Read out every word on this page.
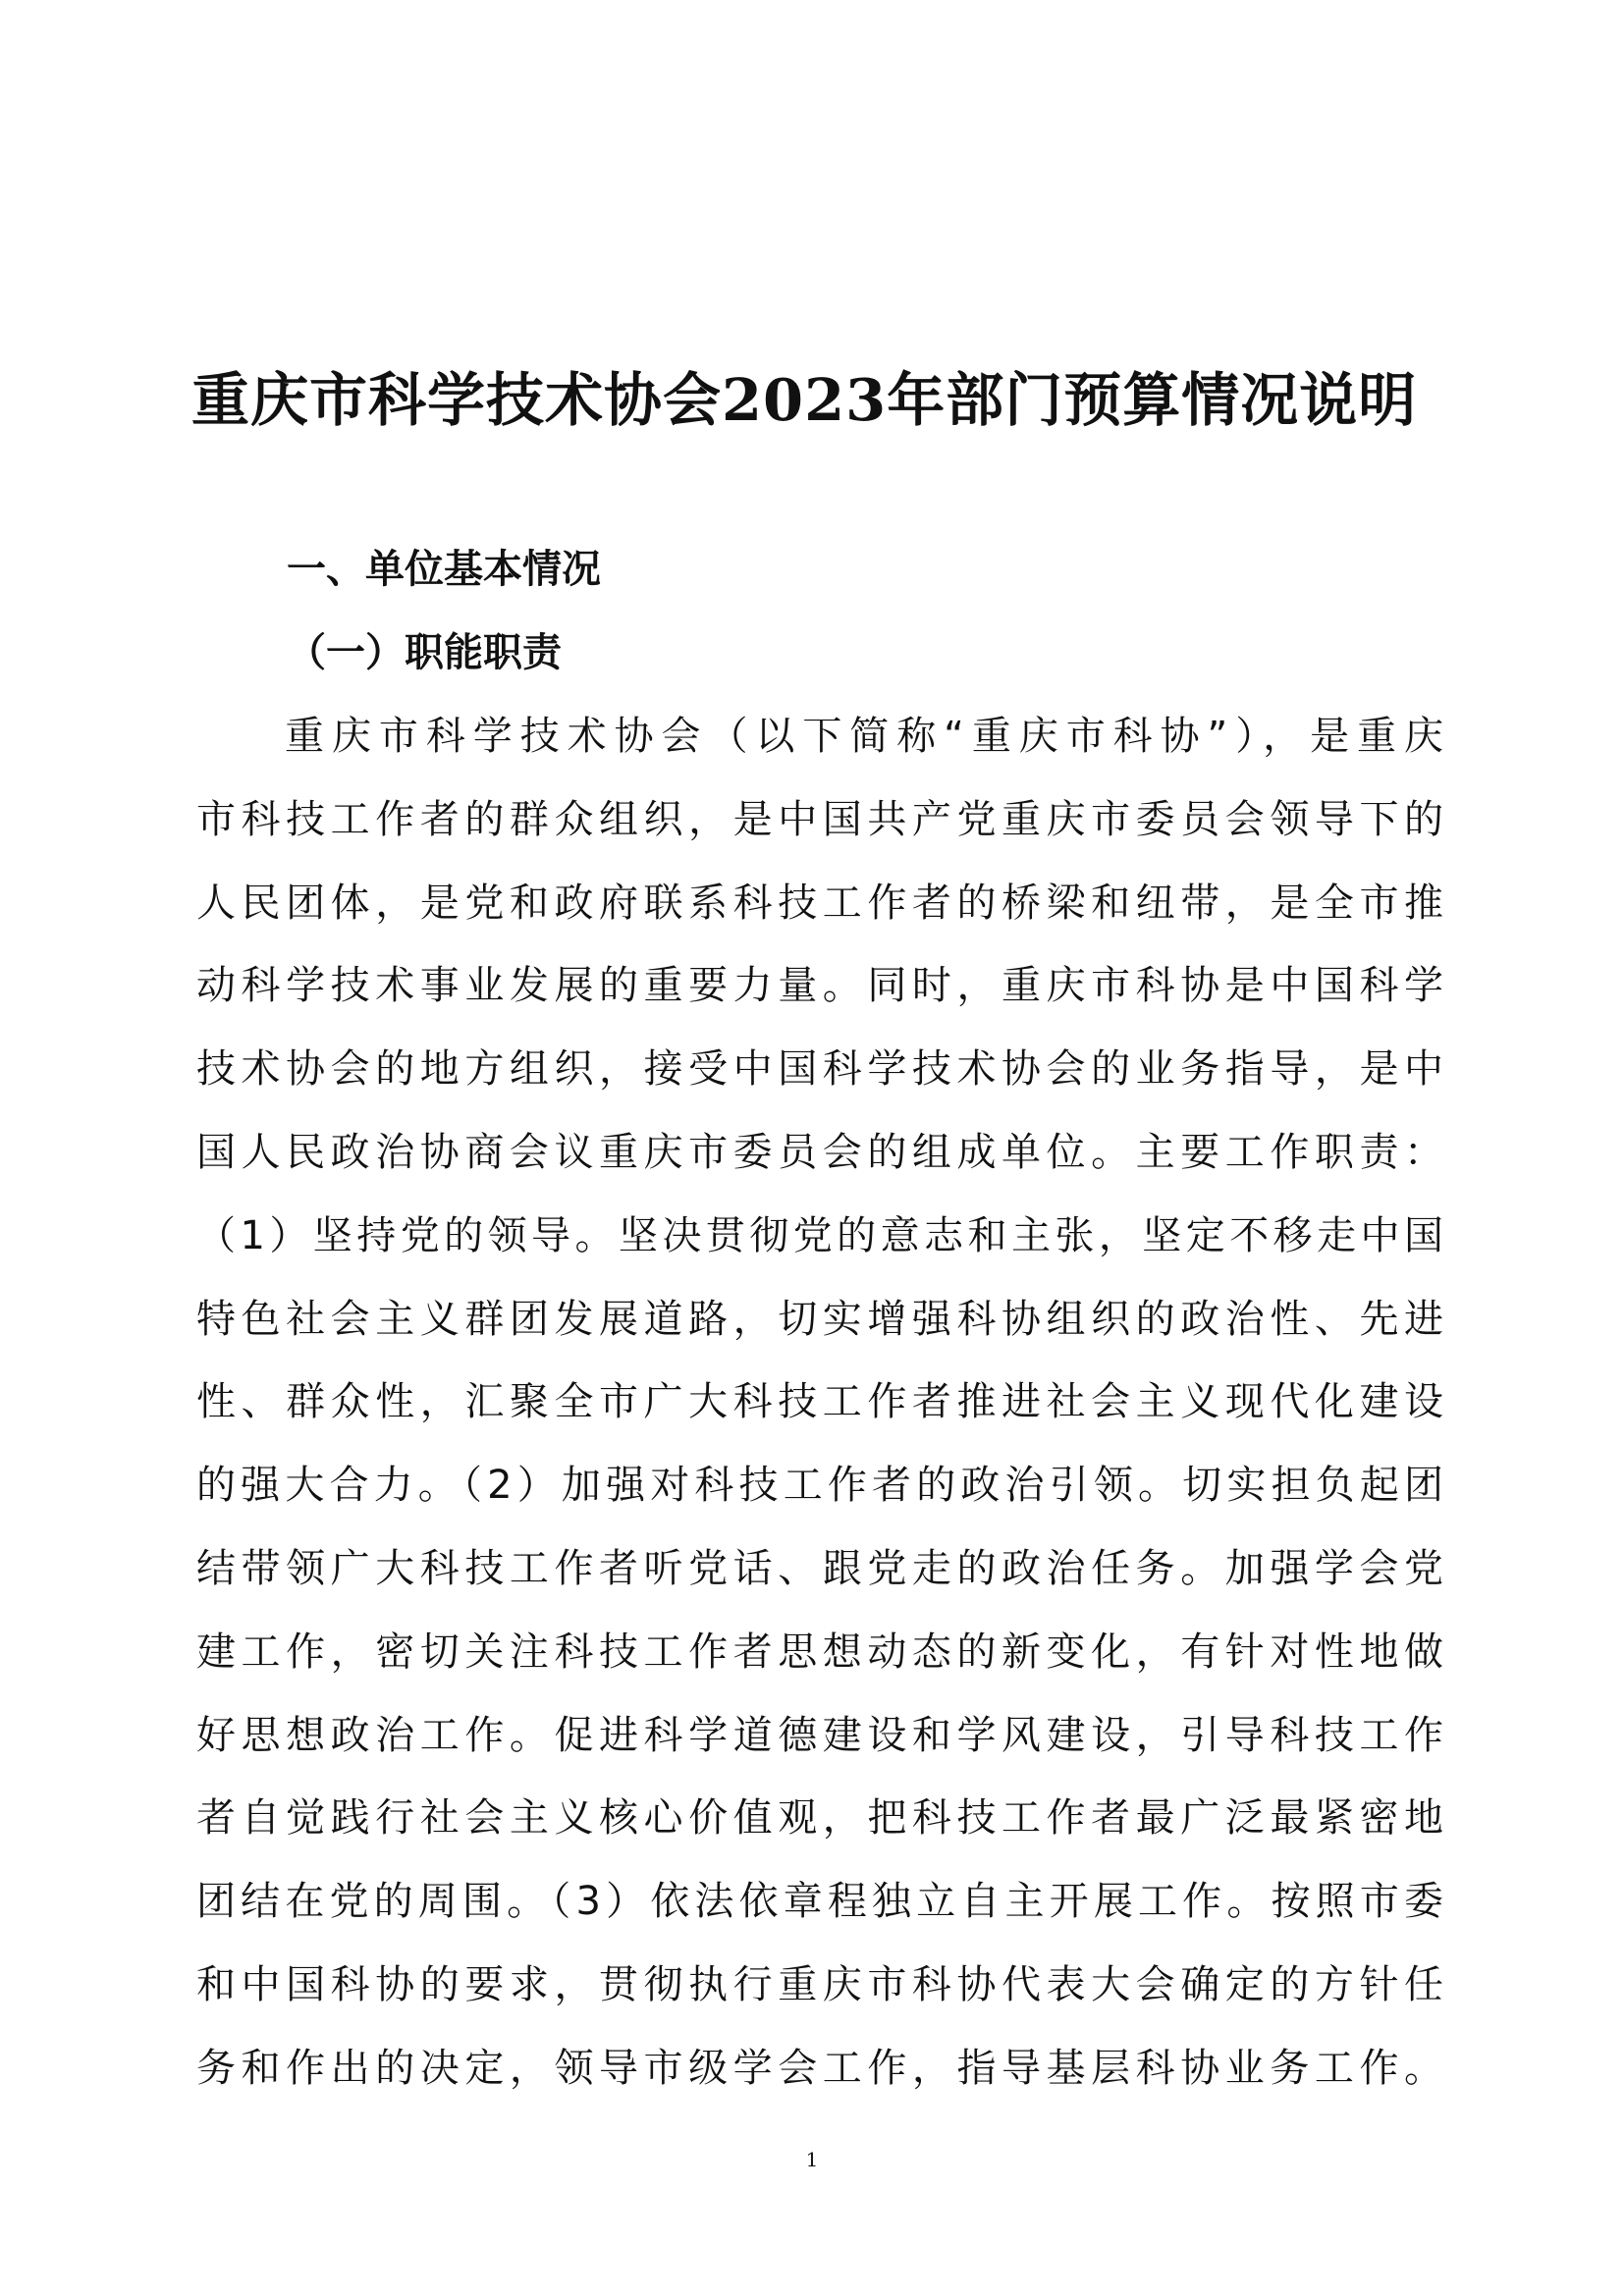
重庆市科学技术协会2023年部门预算情况说明
一、单位基本情况
（一）职能职责
重庆市科学技术协会（以下简称“重庆市科协”），是重庆
市科技工作者的群众组织，是中国共产党重庆市委员会领导下的
人民团体，是党和政府联系科技工作者的桥梁和纽带，是全市推
动科学技术事业发展的重要力量。同时，重庆市科协是中国科学
技术协会的地方组织，接受中国科学技术协会的业务指导，是中
国人民政治协商会议重庆市委员会的组成单位。主要工作职责：
（1）坚持党的领导。坚决贯彻党的意志和主张，坚定不移走中国
特色社会主义群团发展道路，切实增强科协组织的政治性、先进
性、群众性，汇聚全市广大科技工作者推进社会主义现代化建设
的强大合力。（2）加强对科技工作者的政治引领。切实担负起团
结带领广大科技工作者听党话、跟党走的政治任务。加强学会党
建工作，密切关注科技工作者思想动态的新变化，有针对性地做
好思想政治工作。促进科学道德建设和学风建设，引导科技工作
者自觉践行社会主义核心价值观，把科技工作者最广泛最紧密地
团结在党的周围。（3）依法依章程独立自主开展工作。按照市委
和中国科协的要求，贯彻执行重庆市科协代表大会确定的方针任
务和作出的决定，领导市级学会工作，指导基层科协业务工作。
1
